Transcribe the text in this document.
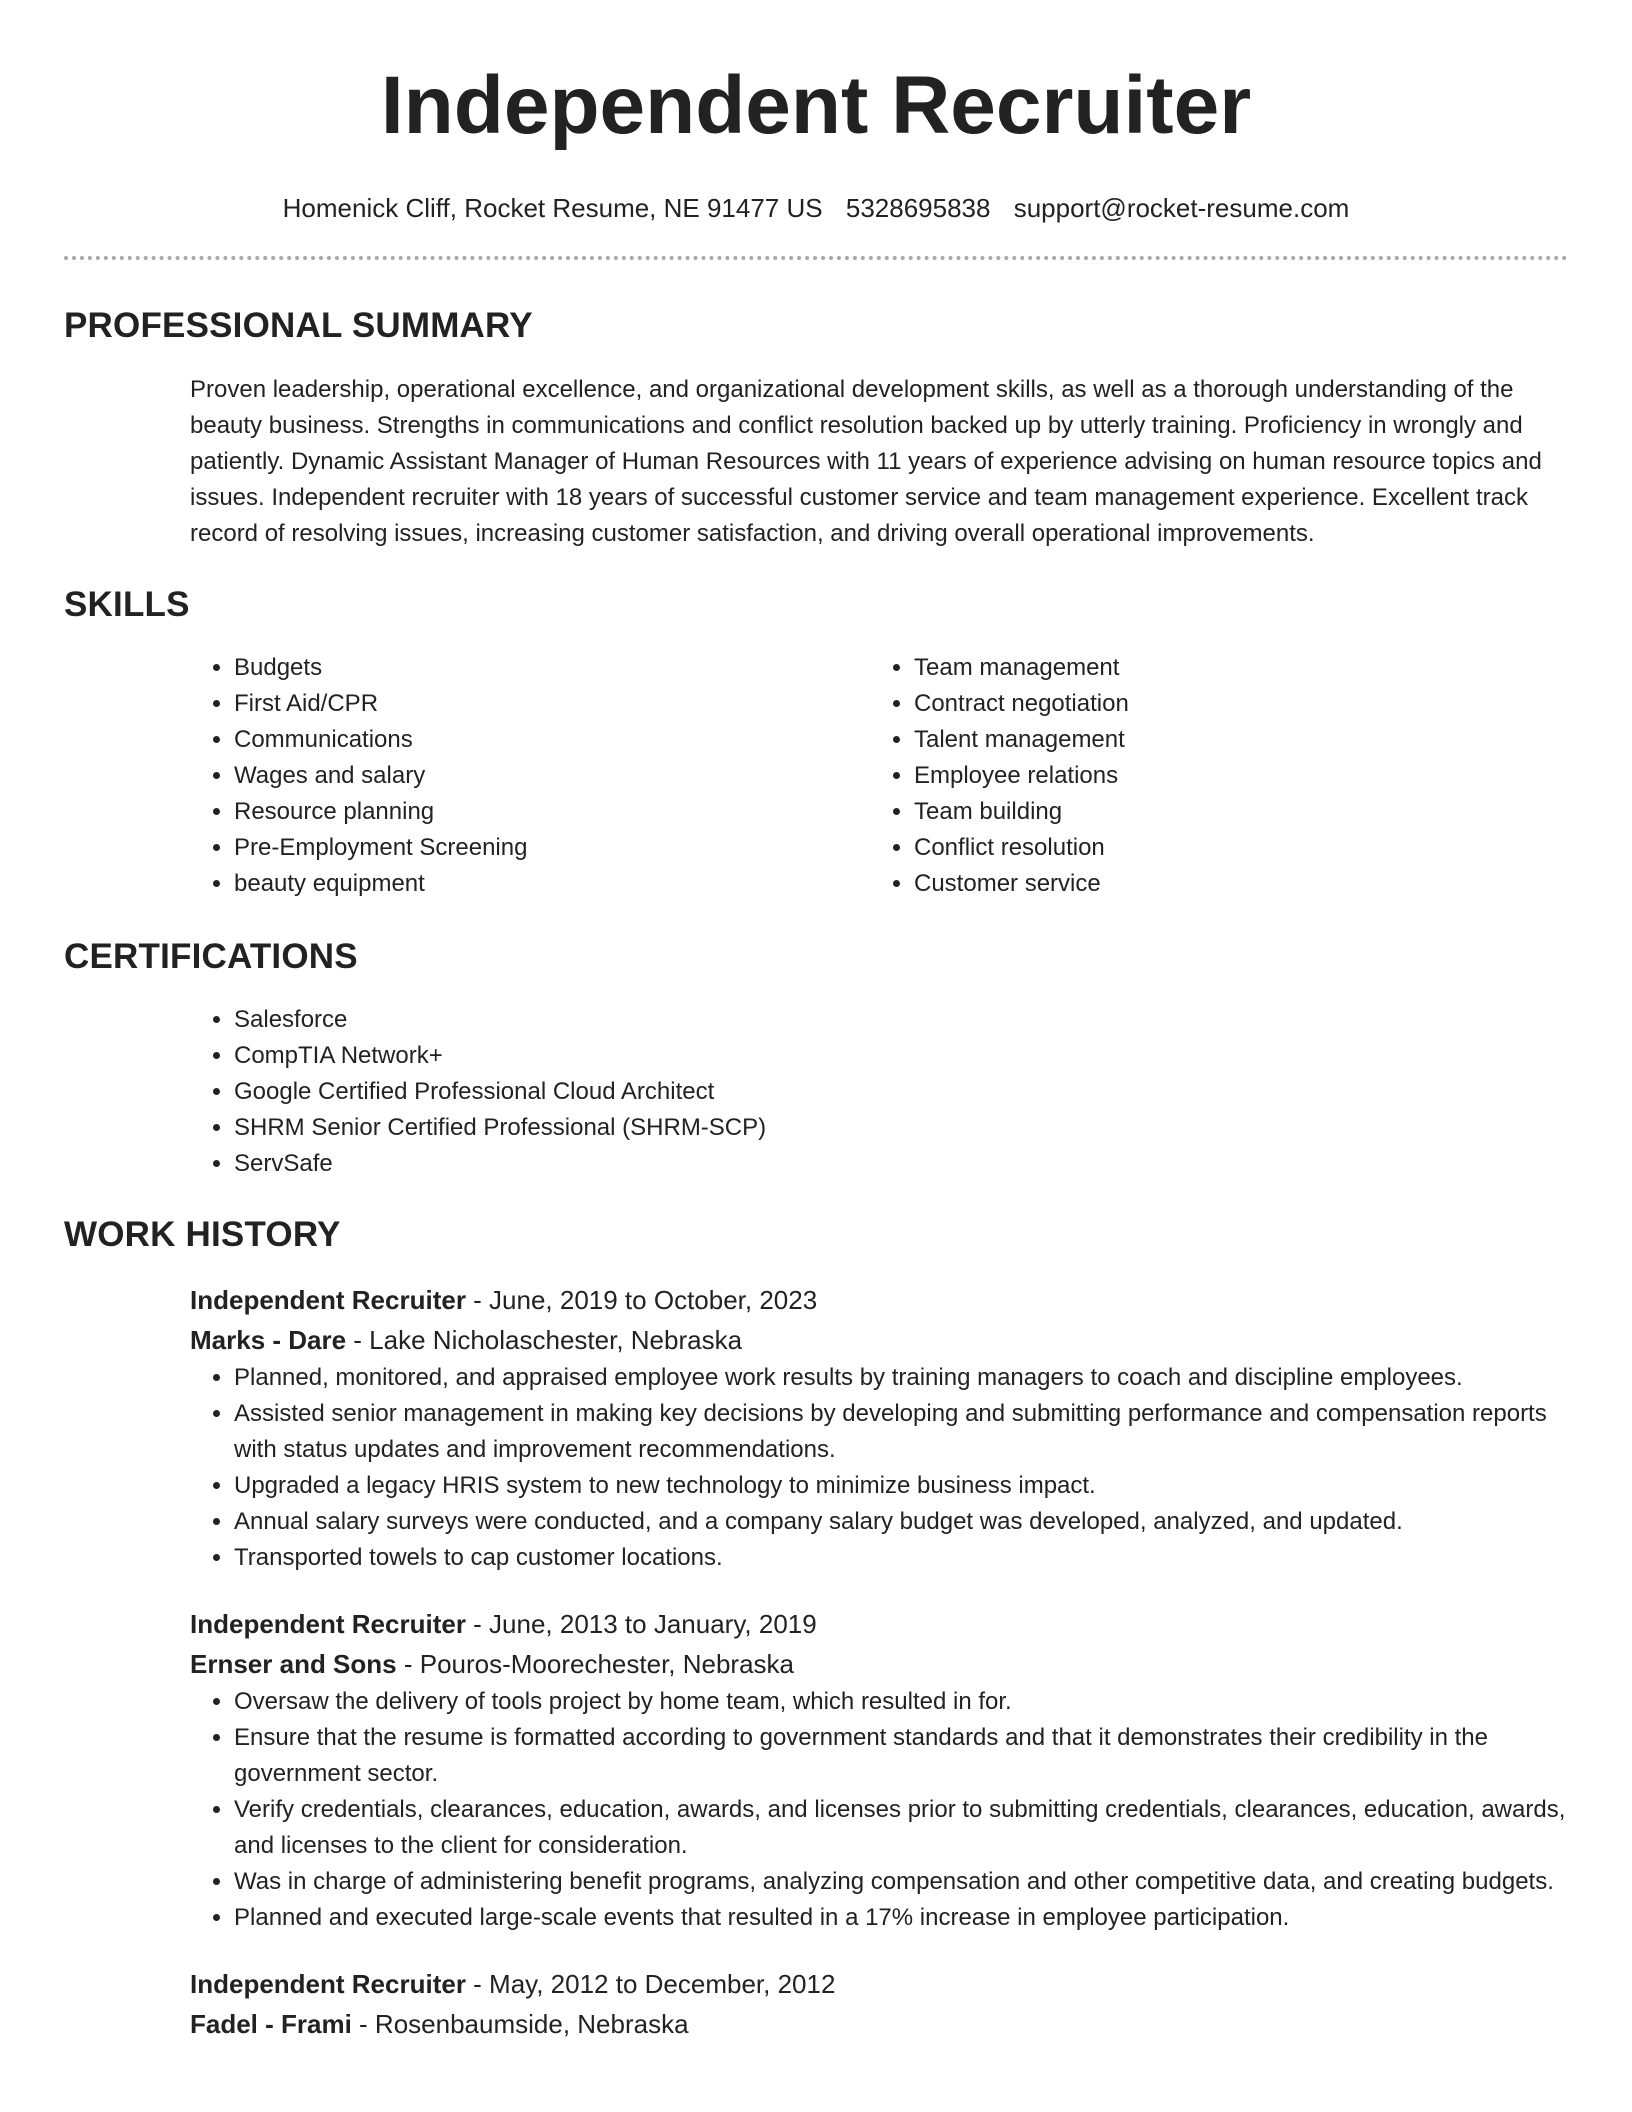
Independent Recruiter
Homenick Cliff, Rocket Resume, NE 91477 US 5328695838 support@rocket-resume.com
PROFESSIONAL SUMMARY
Proven leadership, operational excellence, and organizational development skills, as well as a thorough understanding of the beauty business. Strengths in communications and conflict resolution backed up by utterly training. Proficiency in wrongly and patiently. Dynamic Assistant Manager of Human Resources with 11 years of experience advising on human resource topics and issues. Independent recruiter with 18 years of successful customer service and team management experience. Excellent track record of resolving issues, increasing customer satisfaction, and driving overall operational improvements.
SKILLS
• Budgets
• First Aid/CPR
• Communications
• Wages and salary
• Resource planning
• Pre-Employment Screening
• beauty equipment
• Team management
• Contract negotiation
• Talent management
• Employee relations
• Team building
• Conflict resolution
• Customer service
CERTIFICATIONS
• Salesforce
• CompTIA Network+
• Google Certified Professional Cloud Architect
• SHRM Senior Certified Professional (SHRM-SCP)
• ServSafe
WORK HISTORY
Independent Recruiter - June, 2019 to October, 2023
Marks - Dare - Lake Nicholaschester, Nebraska
• Planned, monitored, and appraised employee work results by training managers to coach and discipline employees.
• Assisted senior management in making key decisions by developing and submitting performance and compensation reports with status updates and improvement recommendations.
• Upgraded a legacy HRIS system to new technology to minimize business impact.
• Annual salary surveys were conducted, and a company salary budget was developed, analyzed, and updated.
• Transported towels to cap customer locations.
Independent Recruiter - June, 2013 to January, 2019
Ernser and Sons - Pouros-Moorechester, Nebraska
• Oversaw the delivery of tools project by home team, which resulted in for.
• Ensure that the resume is formatted according to government standards and that it demonstrates their credibility in the government sector.
• Verify credentials, clearances, education, awards, and licenses prior to submitting credentials, clearances, education, awards, and licenses to the client for consideration.
• Was in charge of administering benefit programs, analyzing compensation and other competitive data, and creating budgets.
• Planned and executed large-scale events that resulted in a 17% increase in employee participation.
Independent Recruiter - May, 2012 to December, 2012
Fadel - Frami - Rosenbaumside, Nebraska
